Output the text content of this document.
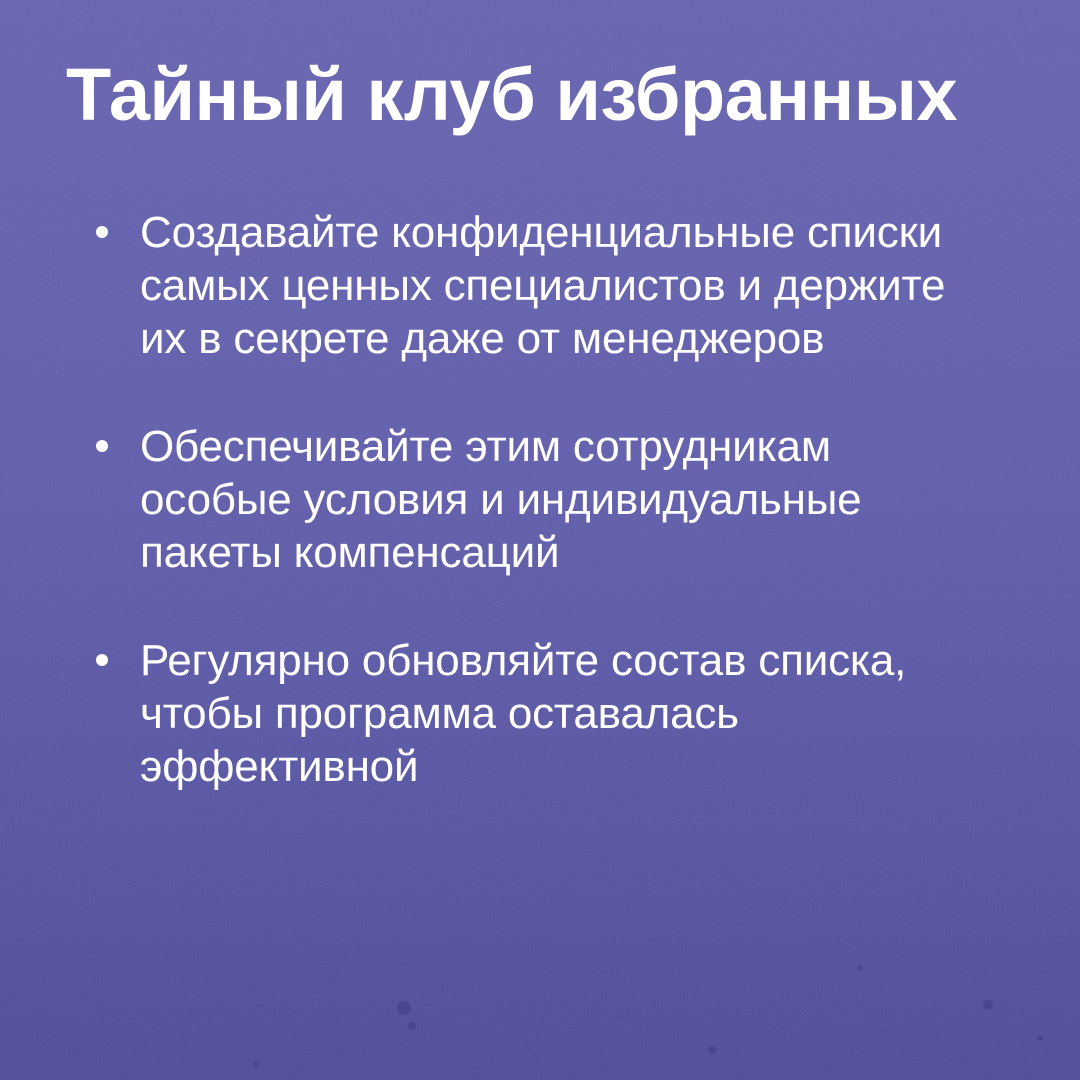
Тайный клуб избранных
Создавайте конфиденциальные списки
самых ценных специалистов и держите
их в секрете даже от менеджеров
Обеспечивайте этим сотрудникам
особые условия и индивидуальные
пакеты компенсаций
Регулярно обновляйте состав списка,
чтобы программа оставалась
эффективной
